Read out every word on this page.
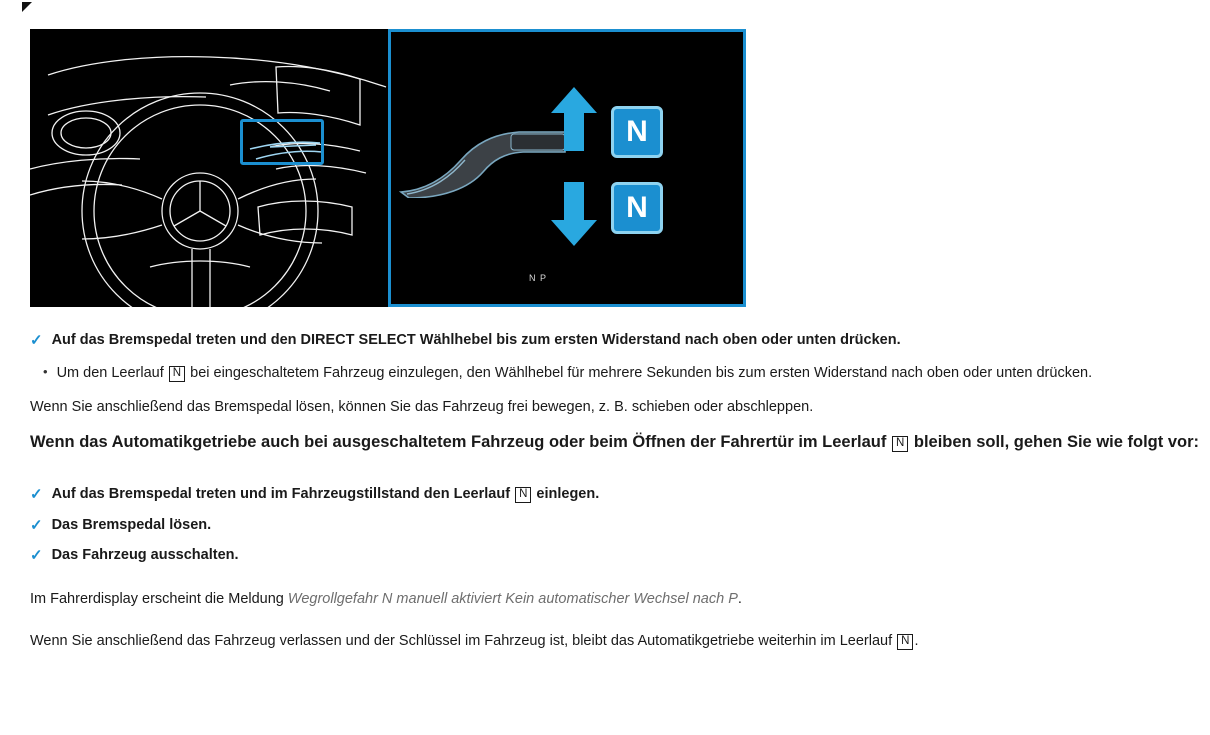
N P
N
N
✓ Auf das Bremspedal treten und den DIRECT SELECT Wählhebel bis zum ersten Widerstand nach oben oder unten drücken.
• Um den Leerlauf N bei eingeschaltetem Fahrzeug einzulegen, den Wählhebel für mehrere Sekunden bis zum ersten Widerstand nach oben oder unten drücken.

Wenn Sie anschließend das Bremspedal lösen, können Sie das Fahrzeug frei bewegen, z. B. schieben oder abschleppen.

Wenn das Automatikgetriebe auch bei ausgeschaltetem Fahrzeug oder beim Öffnen der Fahrertür im Leerlauf N bleiben soll, gehen Sie wie folgt vor:
✓ Auf das Bremspedal treten und im Fahrzeugstillstand den Leerlauf N einlegen.
✓ Das Bremspedal lösen.
✓ Das Fahrzeug ausschalten.

Im Fahrerdisplay erscheint die Meldung Wegrollgefahr N manuell aktiviert Kein automatischer Wechsel nach P.

Wenn Sie anschließend das Fahrzeug verlassen und der Schlüssel im Fahrzeug ist, bleibt das Automatikgetriebe weiterhin im Leerlauf N .
